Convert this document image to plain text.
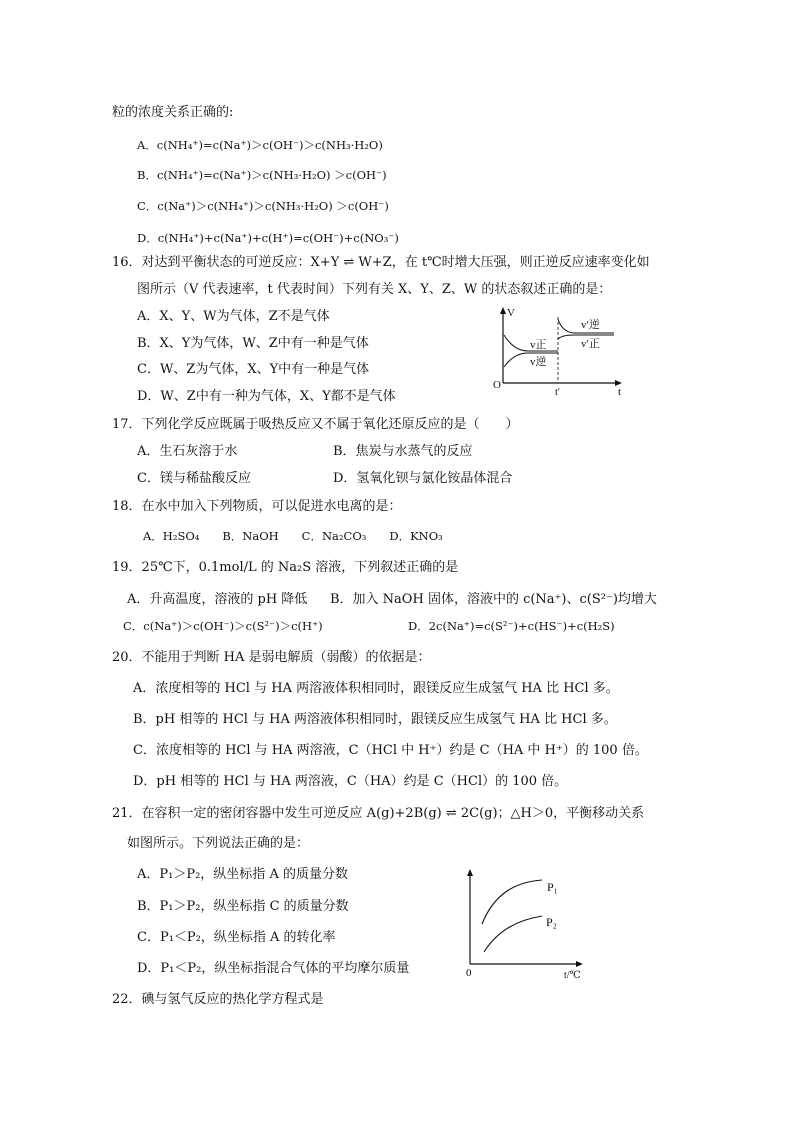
粒的浓度关系正确的:
A．c(NH₄⁺)=c(Na⁺)＞c(OH⁻)＞c(NH₃·H₂O)
B．c(NH₄⁺)=c(Na⁺)＞c(NH₃·H₂O) ＞c(OH⁻)
C．c(Na⁺)＞c(NH₄⁺)＞c(NH₃·H₂O) ＞c(OH⁻)
D．c(NH₄⁺)+c(Na⁺)+c(H⁺)=c(OH⁻)+c(NO₃⁻)
16．对达到平衡状态的可逆反应：X+Y ⇌ W+Z，在 t℃时增大压强，则正逆反应速率变化如
图所示（V 代表速率，t 代表时间）下列有关 X、Y、Z、W 的状态叙述正确的是：
A．X、Y、W为气体，Z不是气体
B．X、Y为气体，W、Z中有一种是气体
C．W、Z为气体，X、Y中有一种是气体
D．W、Z中有一种为气体，X、Y都不是气体
V
t
O
t′
v正
v逆
v′逆
v′正
17．下列化学反应既属于吸热反应又不属于氧化还原反应的是（　　）
A．生石灰溶于水	B．焦炭与水蒸气的反应
C．镁与稀盐酸反应	D．氢氧化钡与氯化铵晶体混合
18．在水中加入下列物质，可以促进水电离的是：
A．H₂SO₄　　B．NaOH　　C．Na₂CO₃　　D．KNO₃
19．25℃下，0.1mol/L 的 Na₂S 溶液，下列叙述正确的是
A．升高温度，溶液的 pH 降低 B．加入 NaOH 固体，溶液中的 c(Na⁺)、c(S²⁻)均增大
C．c(Na⁺)＞c(OH⁻)＞c(S²⁻)＞c(H⁺)	D．2c(Na⁺)=c(S²⁻)+c(HS⁻)+c(H₂S)
20．不能用于判断 HA 是弱电解质（弱酸）的依据是：
A．浓度相等的 HCl 与 HA 两溶液体积相同时，跟镁反应生成氢气 HA 比 HCl 多。
B．pH 相等的 HCl 与 HA 两溶液体积相同时，跟镁反应生成氢气 HA 比 HCl 多。
C．浓度相等的 HCl 与 HA 两溶液，C（HCl 中 H⁺）约是 C（HA 中 H⁺）的 100 倍。
D．pH 相等的 HCl 与 HA 两溶液，C（HA）约是 C（HCl）的 100 倍。
21．在容积一定的密闭容器中发生可逆反应 A(g)+2B(g) ⇌ 2C(g)；△H＞0，平衡移动关系
如图所示。下列说法正确的是：
A．P₁＞P₂，纵坐标指 A 的质量分数
B．P₁＞P₂，纵坐标指 C 的质量分数
C．P₁＜P₂，纵坐标指 A 的转化率
D．P₁＜P₂，纵坐标指混合气体的平均摩尔质量
P₁
P₂
0	t/℃
22．碘与氢气反应的热化学方程式是
